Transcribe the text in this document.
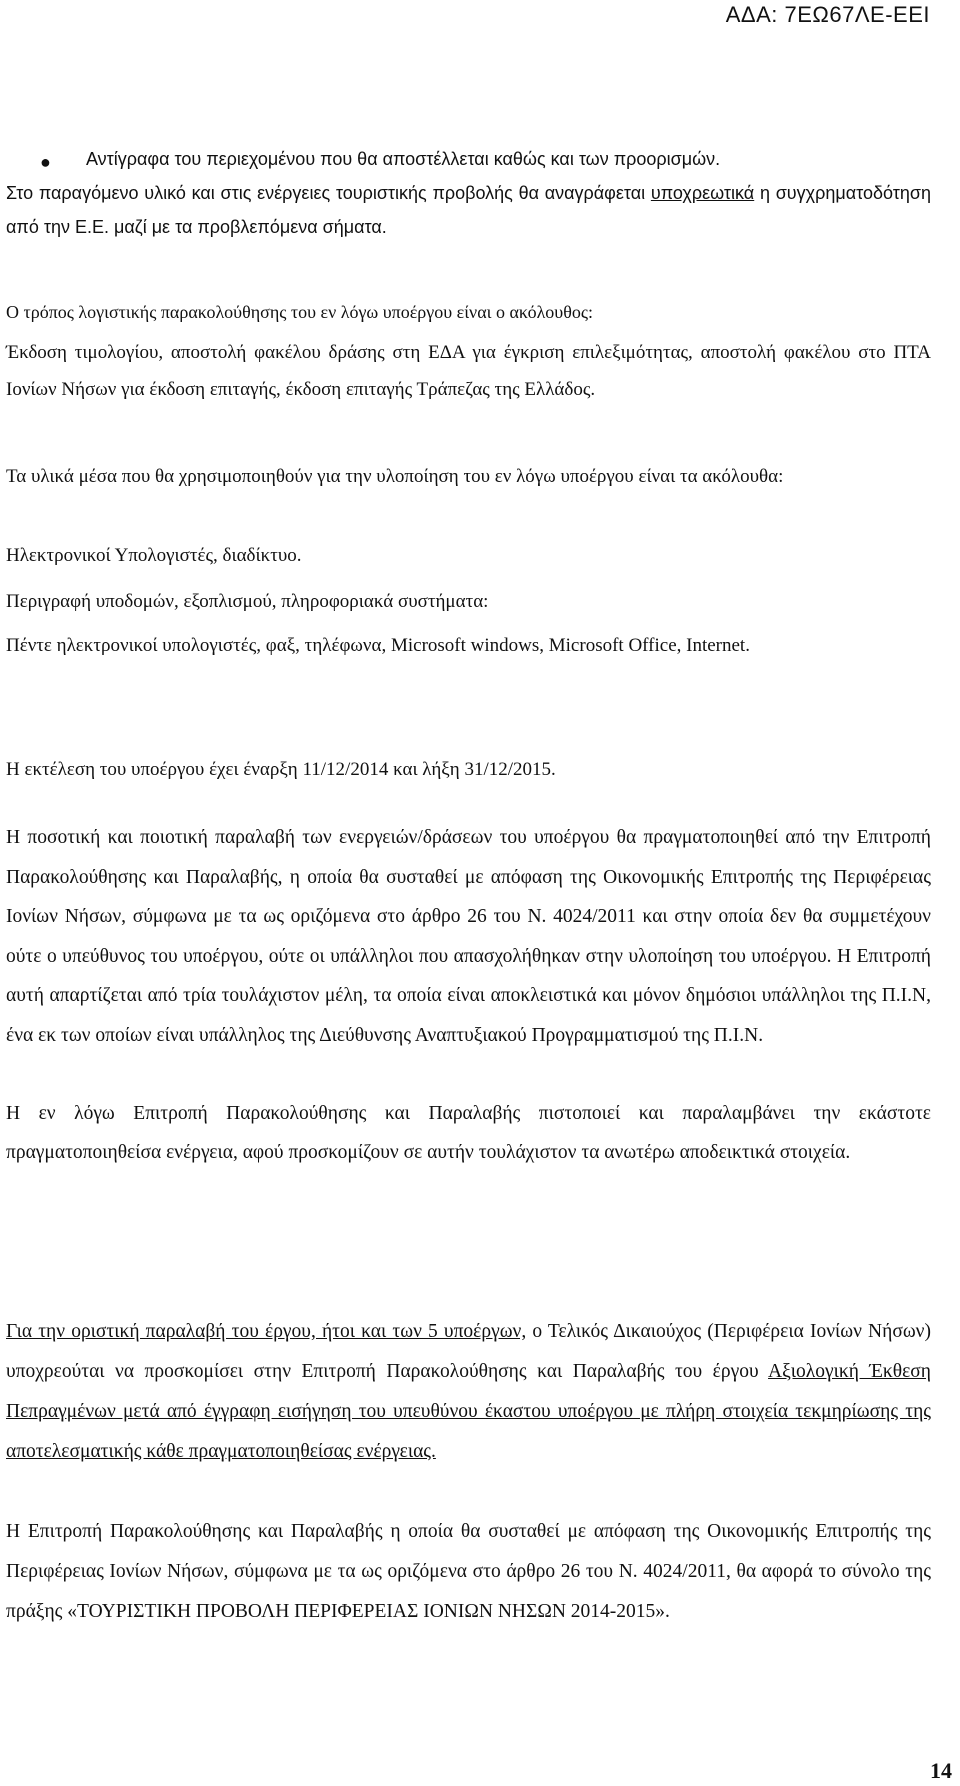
ΑΔΑ: 7ΕΩ67ΛΕ-ΕΕΙ
● Αντίγραφα του περιεχομένου που θα αποστέλλεται καθώς και των προορισμών.
Στο παραγόμενο υλικό και στις ενέργειες τουριστικής προβολής θα αναγράφεται υποχρεωτικά η συγχρηματοδότηση από την Ε.Ε. μαζί με τα προβλεπόμενα σήματα.
Ο τρόπος λογιστικής παρακολούθησης του εν λόγω υποέργου είναι ο ακόλουθος:
Έκδοση τιμολογίου, αποστολή φακέλου δράσης στη ΕΔΑ για έγκριση επιλεξιμότητας, αποστολή φακέλου στο ΠΤΑ Ιονίων Νήσων για έκδοση επιταγής, έκδοση επιταγής Τράπεζας της Ελλάδος.
Τα υλικά μέσα που θα χρησιμοποιηθούν για την υλοποίηση του εν λόγω υποέργου είναι τα ακόλουθα:
Ηλεκτρονικοί Υπολογιστές, διαδίκτυο.
Περιγραφή υποδομών, εξοπλισμού, πληροφοριακά συστήματα:
Πέντε ηλεκτρονικοί υπολογιστές, φαξ, τηλέφωνα, Microsoft windows, Microsoft Office, Internet.
Η εκτέλεση του υποέργου έχει έναρξη 11/12/2014 και λήξη 31/12/2015.
Η ποσοτική και ποιοτική παραλαβή των ενεργειών/δράσεων του υποέργου θα πραγματοποιηθεί από την Επιτροπή Παρακολούθησης και Παραλαβής, η οποία θα συσταθεί με απόφαση της Οικονομικής Επιτροπής της Περιφέρειας Ιονίων Νήσων, σύμφωνα με τα ως οριζόμενα στο άρθρο 26 του Ν. 4024/2011 και στην οποία δεν θα συμμετέχουν ούτε ο υπεύθυνος του υποέργου, ούτε οι υπάλληλοι που απασχολήθηκαν στην υλοποίηση του υποέργου. Η Επιτροπή αυτή απαρτίζεται από τρία τουλάχιστον μέλη, τα οποία είναι αποκλειστικά και μόνον δημόσιοι υπάλληλοι της Π.Ι.Ν, ένα εκ των οποίων είναι υπάλληλος της Διεύθυνσης Αναπτυξιακού Προγραμματισμού της Π.Ι.Ν.
Η εν λόγω Επιτροπή Παρακολούθησης και Παραλαβής πιστοποιεί και παραλαμβάνει την εκάστοτε πραγματοποιηθείσα ενέργεια, αφού προσκομίζουν σε αυτήν τουλάχιστον τα ανωτέρω αποδεικτικά στοιχεία.
Για την οριστική παραλαβή του έργου, ήτοι και των 5 υποέργων, ο Τελικός Δικαιούχος (Περιφέρεια Ιονίων Νήσων) υποχρεούται να προσκομίσει στην Επιτροπή Παρακολούθησης και Παραλαβής του έργου Αξιολογική Έκθεση Πεπραγμένων μετά από έγγραφη εισήγηση του υπευθύνου έκαστου υποέργου με πλήρη στοιχεία τεκμηρίωσης της αποτελεσματικής κάθε πραγματοποιηθείσας ενέργειας.
Η Επιτροπή Παρακολούθησης και Παραλαβής η οποία θα συσταθεί με απόφαση της Οικονομικής Επιτροπής της Περιφέρειας Ιονίων Νήσων, σύμφωνα με τα ως οριζόμενα στο άρθρο 26 του Ν. 4024/2011, θα αφορά το σύνολο της πράξης «ΤΟΥΡΙΣΤΙΚΗ ΠΡΟΒΟΛΗ ΠΕΡΙΦΕΡΕΙΑΣ ΙΟΝΙΩΝ ΝΗΣΩΝ 2014-2015».
14
